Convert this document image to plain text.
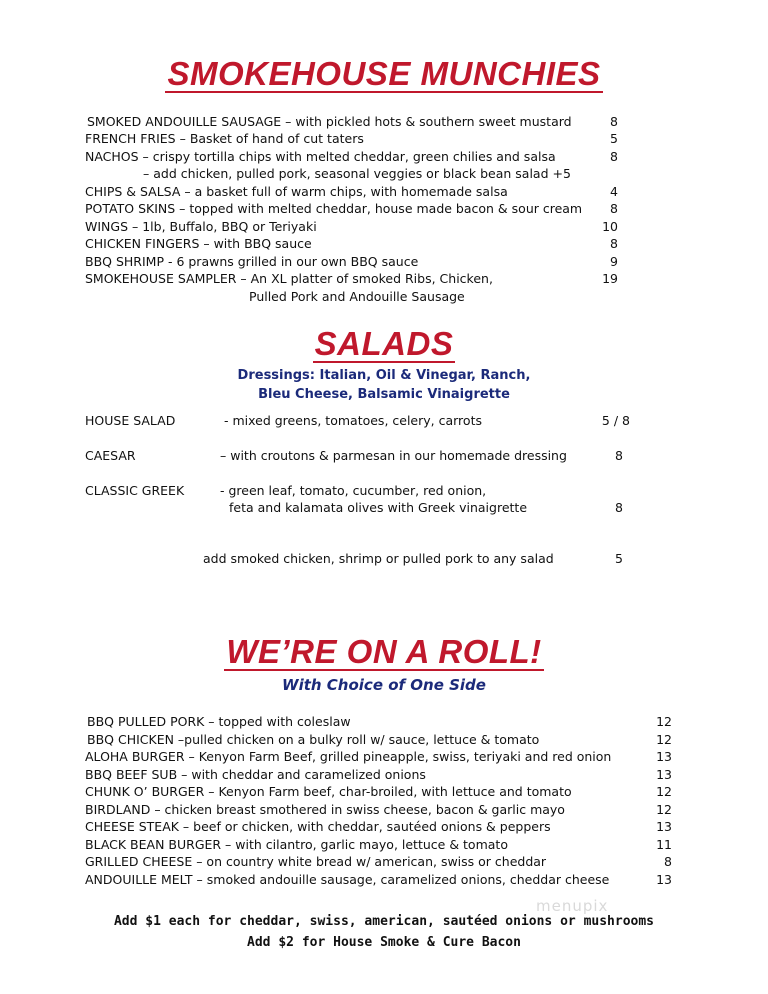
SMOKEHOUSE MUNCHIES
SMOKED ANDOUILLE SAUSAGE – with pickled hots & southern sweet mustard	8
FRENCH FRIES – Basket of hand of cut taters	5
NACHOS – crispy tortilla chips with melted cheddar, green chilies and salsa	8
– add chicken, pulled pork, seasonal veggies or black bean salad +5
CHIPS & SALSA – a basket full of warm chips, with homemade salsa	4
POTATO SKINS – topped with melted cheddar, house made bacon & sour cream	8
WINGS – 1lb, Buffalo, BBQ or Teriyaki	10
CHICKEN FINGERS – with BBQ sauce	8
BBQ SHRIMP - 6 prawns grilled in our own BBQ sauce	9
SMOKEHOUSE SAMPLER – An XL platter of smoked Ribs, Chicken,	19
Pulled Pork and Andouille Sausage
SALADS
Dressings: Italian, Oil & Vinegar, Ranch,
Bleu Cheese, Balsamic Vinaigrette
HOUSE SALAD	- mixed greens, tomatoes, celery, carrots	5 / 8
CAESAR	– with croutons & parmesan in our homemade dressing	8
CLASSIC GREEK	- green leaf, tomato, cucumber, red onion,
feta and kalamata olives with Greek vinaigrette	8
add smoked chicken, shrimp or pulled pork to any salad	5
WE’RE ON A ROLL!
With Choice of One Side
BBQ PULLED PORK – topped with coleslaw	12
BBQ CHICKEN –pulled chicken on a bulky roll w/ sauce, lettuce & tomato	12
ALOHA BURGER – Kenyon Farm Beef, grilled pineapple, swiss, teriyaki and red onion	13
BBQ BEEF SUB – with cheddar and caramelized onions	13
CHUNK O’ BURGER – Kenyon Farm beef, char-broiled, with lettuce and tomato	12
BIRDLAND – chicken breast smothered in swiss cheese, bacon & garlic mayo	12
CHEESE STEAK – beef or chicken, with cheddar, sautéed onions & peppers	13
BLACK BEAN BURGER – with cilantro, garlic mayo, lettuce & tomato	11
GRILLED CHEESE – on country white bread w/ american, swiss or cheddar	8
ANDOUILLE MELT – smoked andouille sausage, caramelized onions, cheddar cheese	13
menupix
Add $1 each for cheddar, swiss, american, sautéed onions or mushrooms
Add $2 for House Smoke & Cure Bacon
